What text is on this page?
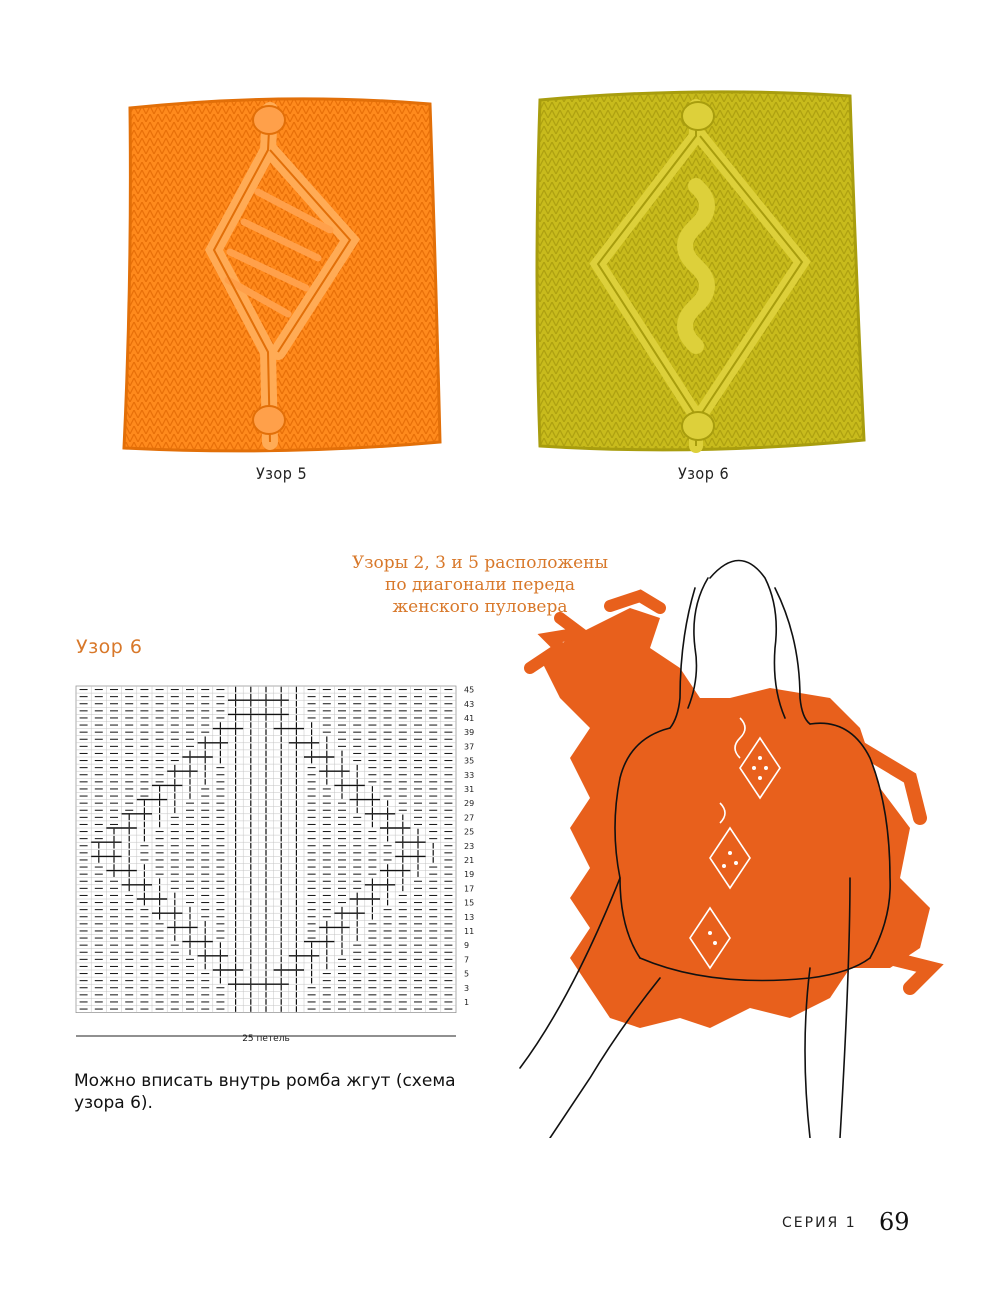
Узор 5	Узор 6
Узоры 2, 3 и 5 расположены
по диагонали переда
женского пуловера
Узор 6
45
43
41
39
37
35
33
31
29
27
25
23
21
19
17
15
13
11
9
7
5
3
1
25 петель
Можно вписать внутрь ромба жгут (схема
узора 6).
СЕРИЯ 1 69
